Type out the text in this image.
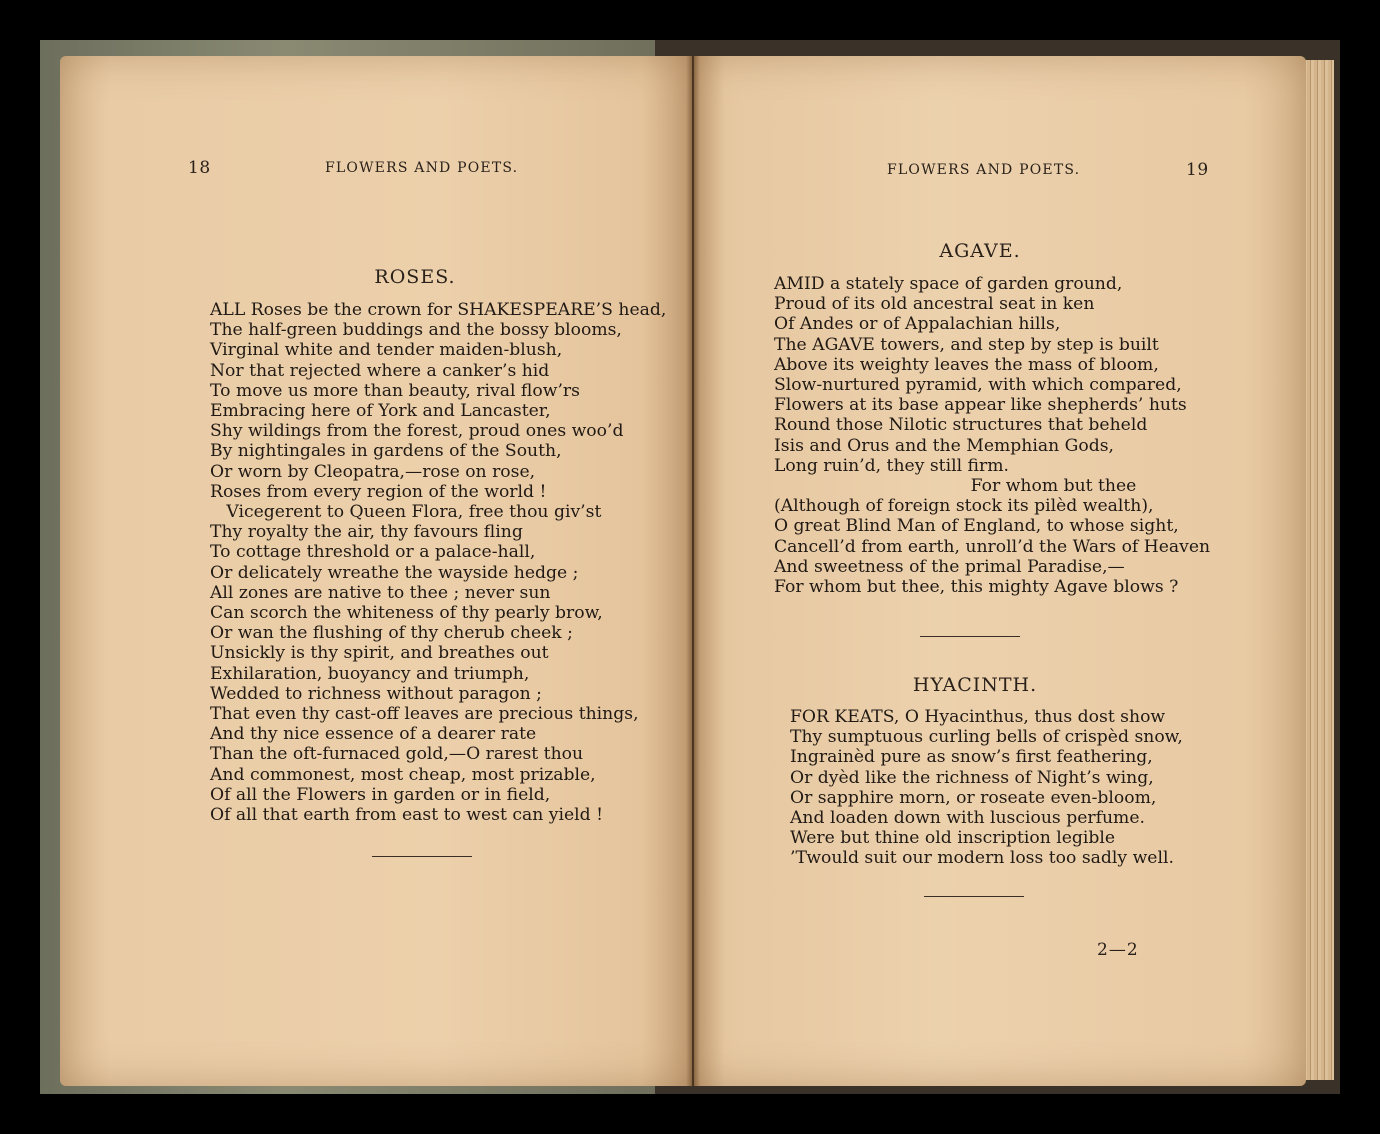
18	FLOWERS AND POETS.
ROSES.
ALL Roses be the crown for SHAKESPEARE’S head,
The half-green buddings and the bossy blooms,
Virginal white and tender maiden-blush,
Nor that rejected where a canker’s hid
To move us more than beauty, rival flow’rs
Embracing here of York and Lancaster,
Shy wildings from the forest, proud ones woo’d
By nightingales in gardens of the South,
Or worn by Cleopatra,—rose on rose,
Roses from every region of the world !
Vicegerent to Queen Flora, free thou giv’st
Thy royalty the air, thy favours fling
To cottage threshold or a palace-hall,
Or delicately wreathe the wayside hedge ;
All zones are native to thee ; never sun
Can scorch the whiteness of thy pearly brow,
Or wan the flushing of thy cherub cheek ;
Unsickly is thy spirit, and breathes out
Exhilaration, buoyancy and triumph,
Wedded to richness without paragon ;
That even thy cast-off leaves are precious things,
And thy nice essence of a dearer rate
Than the oft-furnaced gold,—O rarest thou
And commonest, most cheap, most prizable,
Of all the Flowers in garden or in field,
Of all that earth from east to west can yield !
FLOWERS AND POETS.	19
AGAVE.
AMID a stately space of garden ground,
Proud of its old ancestral seat in ken
Of Andes or of Appalachian hills,
The AGAVE towers, and step by step is built
Above its weighty leaves the mass of bloom,
Slow-nurtured pyramid, with which compared,
Flowers at its base appear like shepherds’ huts
Round those Nilotic structures that beheld
Isis and Orus and the Memphian Gods,
Long ruin’d, they still firm.
For whom but thee
(Although of foreign stock its pilèd wealth),
O great Blind Man of England, to whose sight,
Cancell’d from earth, unroll’d the Wars of Heaven
And sweetness of the primal Paradise,—
For whom but thee, this mighty Agave blows ?
HYACINTH.
FOR KEATS, O Hyacinthus, thus dost show
Thy sumptuous curling bells of crispèd snow,
Ingrainèd pure as snow’s first feathering,
Or dyèd like the richness of Night’s wing,
Or sapphire morn, or roseate even-bloom,
And loaden down with luscious perfume.
Were but thine old inscription legible
’Twould suit our modern loss too sadly well.
2—2
